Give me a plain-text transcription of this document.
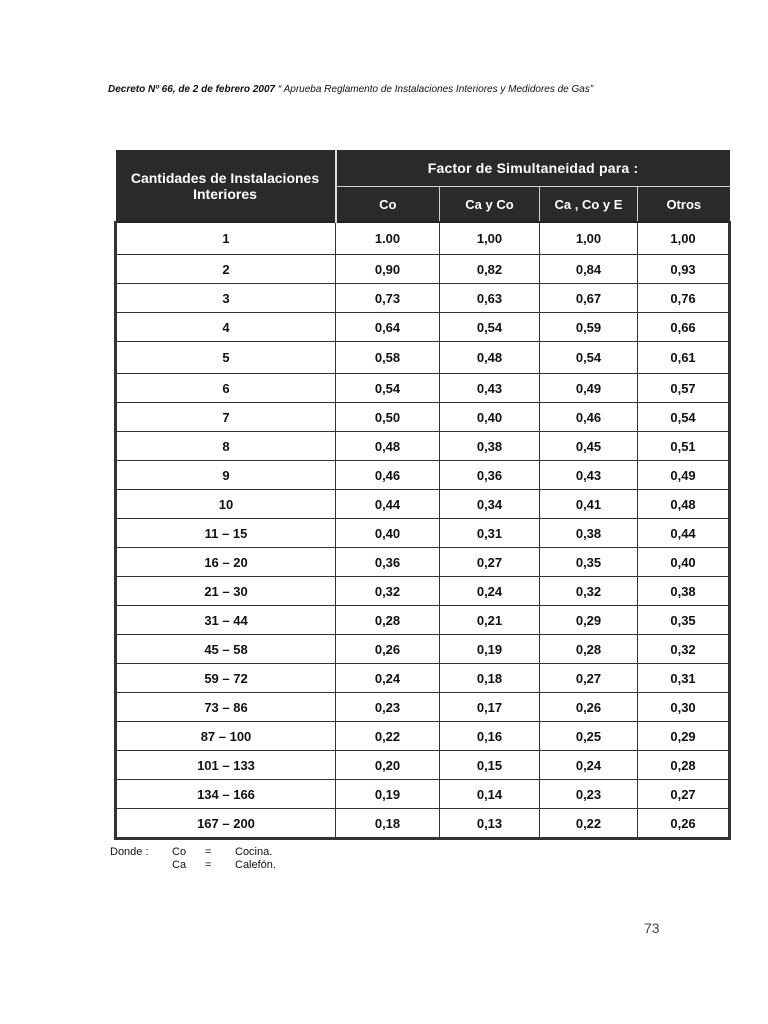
Decreto Nº 66, de 2 de febrero 2007 “ Aprueba Reglamento de Instalaciones Interiores y Medidores de Gas”
Cantidades de Instalaciones Interiores	Factor de Simultaneidad para :			
	Co	Ca y Co	Ca , Co y E	Otros
1	1.00	1,00	1,00	1,00
2	0,90	0,82	0,84	0,93
3	0,73	0,63	0,67	0,76
4	0,64	0,54	0,59	0,66
5	0,58	0,48	0,54	0,61
6	0,54	0,43	0,49	0,57
7	0,50	0,40	0,46	0,54
8	0,48	0,38	0,45	0,51
9	0,46	0,36	0,43	0,49
10	0,44	0,34	0,41	0,48
11 – 15	0,40	0,31	0,38	0,44
16 – 20	0,36	0,27	0,35	0,40
21 – 30	0,32	0,24	0,32	0,38
31 – 44	0,28	0,21	0,29	0,35
45 – 58	0,26	0,19	0,28	0,32
59 – 72	0,24	0,18	0,27	0,31
73 – 86	0,23	0,17	0,26	0,30
87 – 100	0,22	0,16	0,25	0,29
101 – 133	0,20	0,15	0,24	0,28
134 – 166	0,19	0,14	0,23	0,27
167 – 200	0,18	0,13	0,22	0,26
Donde :	Co	=	Cocina.
Ca	=	Calefón.
73
